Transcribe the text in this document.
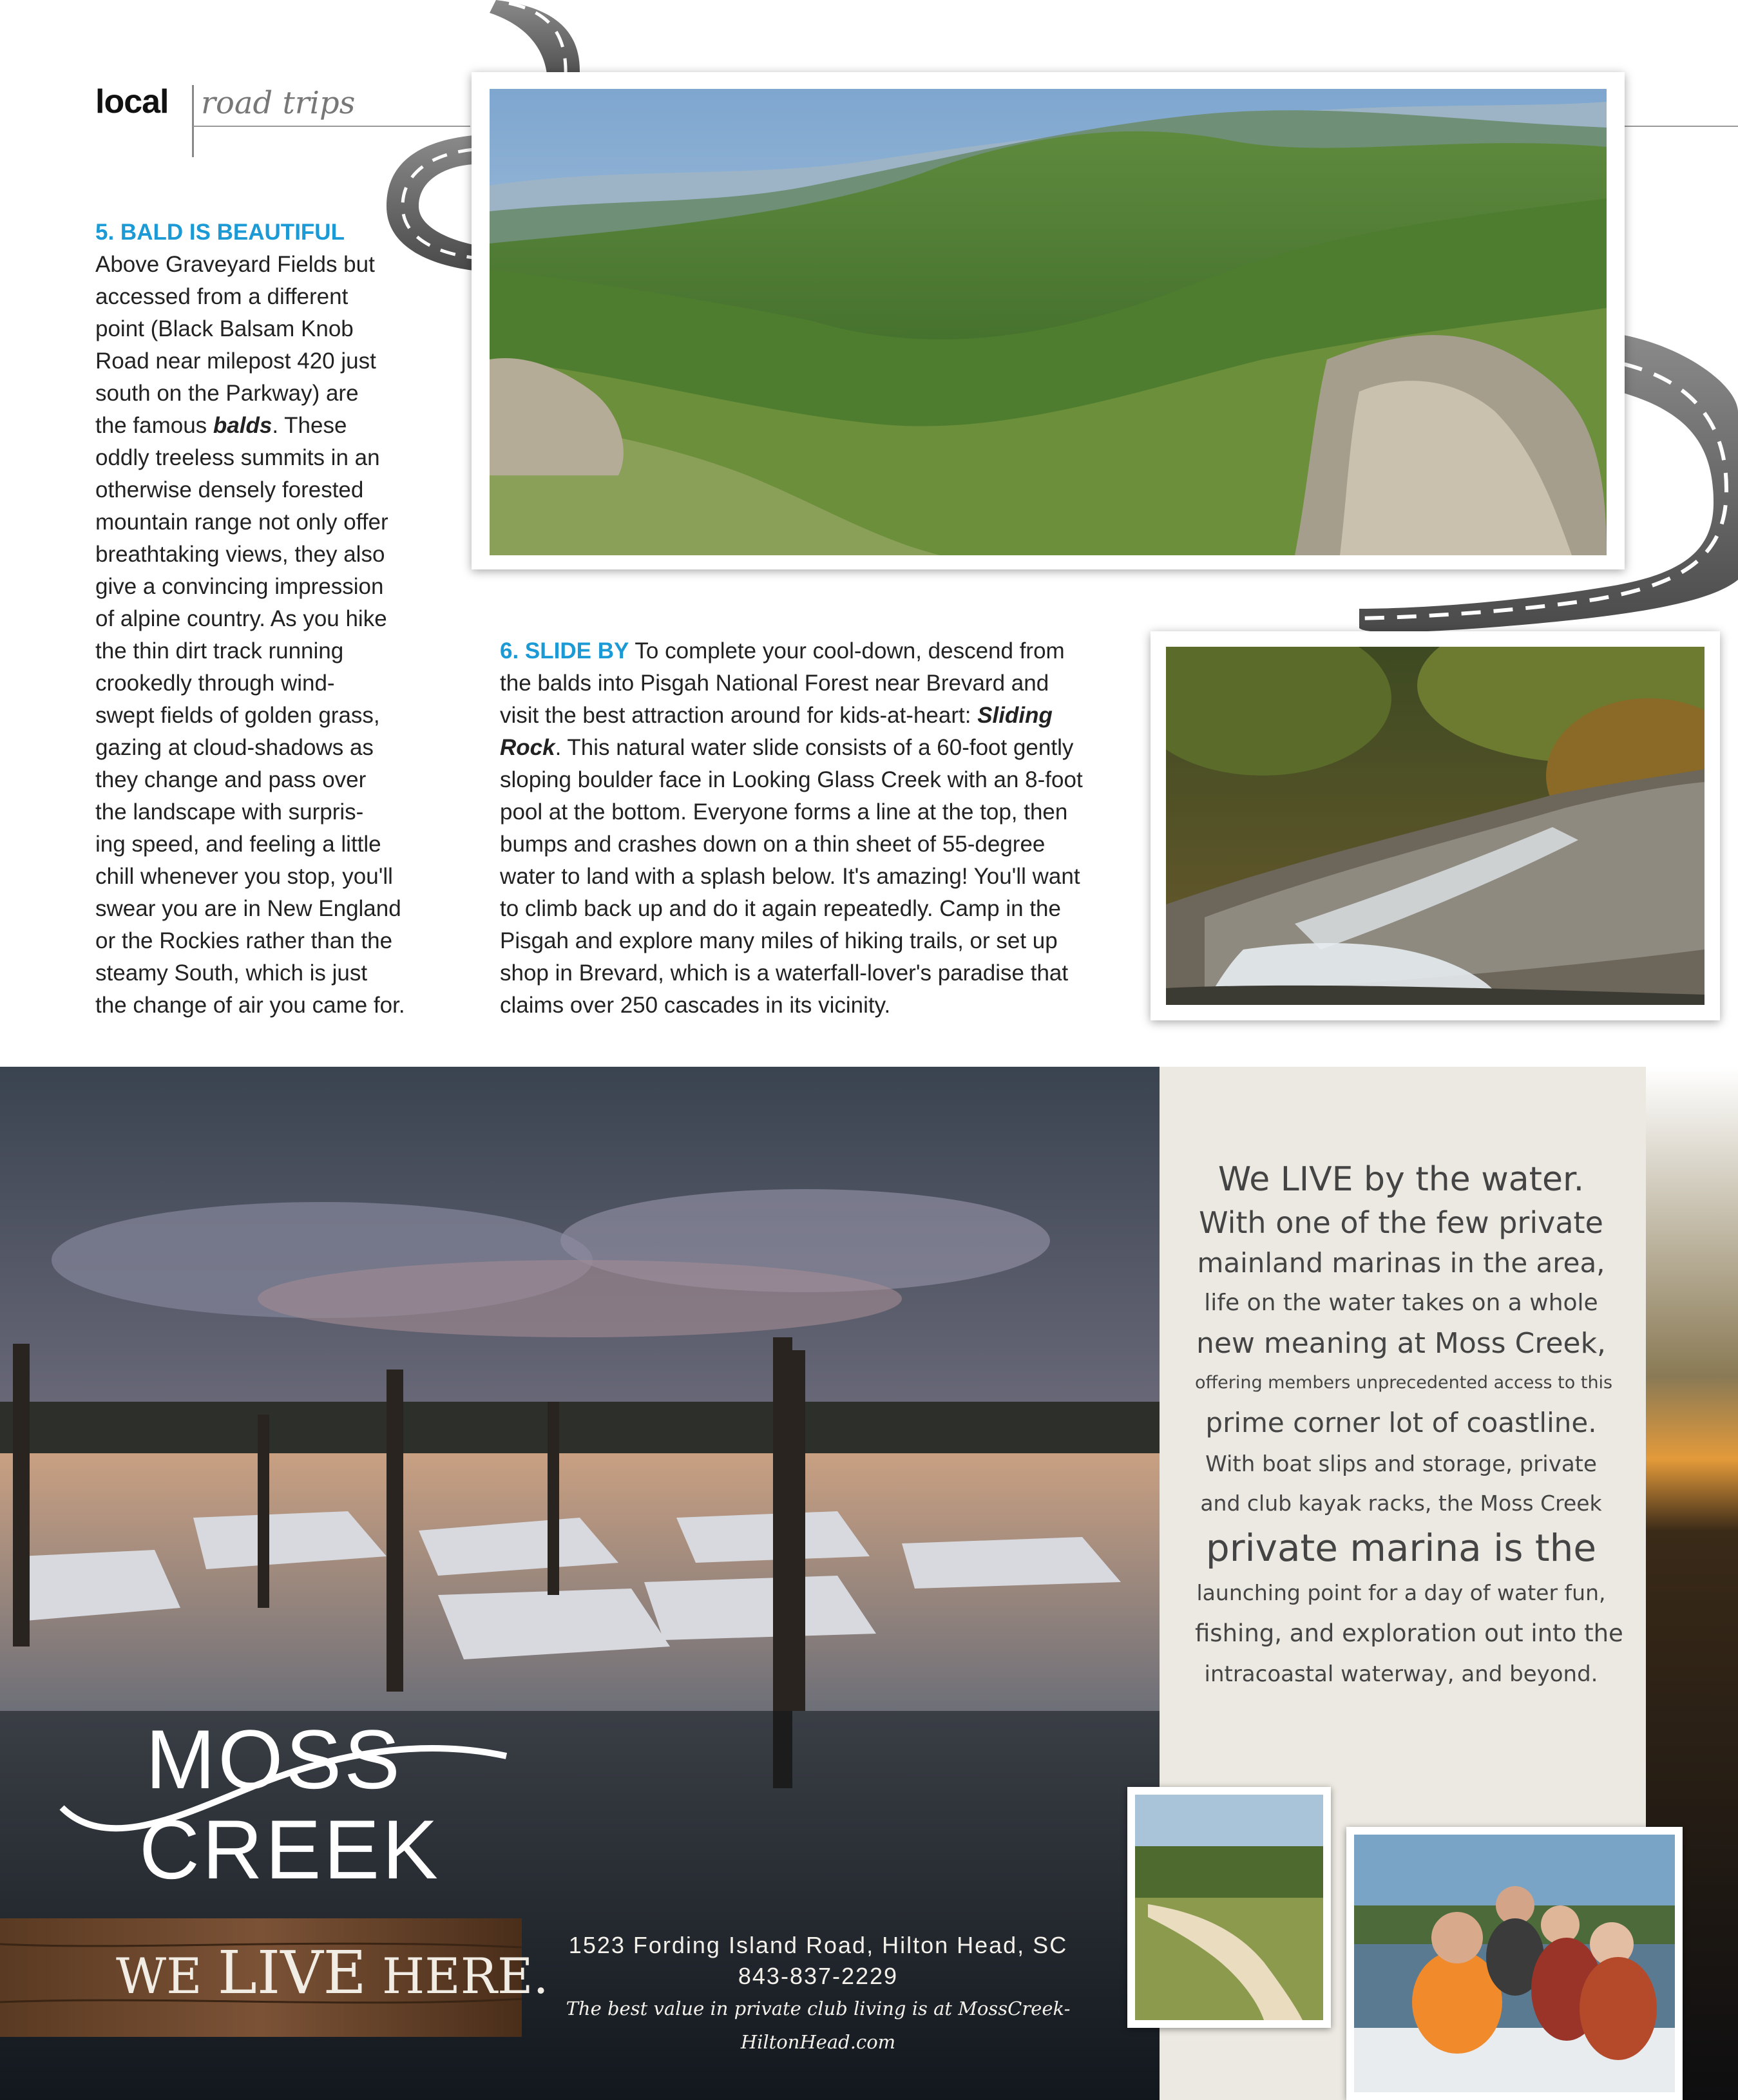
local road trips
5. BALD IS BEAUTIFUL
Above Graveyard Fields but
accessed from a different
point (Black Balsam Knob
Road near milepost 420 just
south on the Parkway) are
the famous balds. These
oddly treeless summits in an
otherwise densely forested
mountain range not only offer
breathtaking views, they also
give a convincing impression
of alpine country. As you hike
the thin dirt track running
crookedly through wind-
swept fields of golden grass,
gazing at cloud-shadows as
they change and pass over
the landscape with surpris-
ing speed, and feeling a little
chill whenever you stop, you'll
swear you are in New England
or the Rockies rather than the
steamy South, which is just
the change of air you came for.
6. SLIDE BY To complete your cool-down, descend from
the balds into Pisgah National Forest near Brevard and
visit the best attraction around for kids-at-heart: Sliding
Rock. This natural water slide consists of a 60-foot gently
sloping boulder face in Looking Glass Creek with an 8-foot
pool at the bottom. Everyone forms a line at the top, then
bumps and crashes down on a thin sheet of 55-degree
water to land with a splash below. It's amazing! You'll want
to climb back up and do it again repeatedly. Camp in the
Pisgah and explore many miles of hiking trails, or set up
shop in Brevard, which is a waterfall-lover's paradise that
claims over 250 cascades in its vicinity.
We LIVE by the water.
With one of the few private
mainland marinas in the area,
life on the water takes on a whole
new meaning at Moss Creek,
offering members unprecedented access to this
prime corner lot of coastline.
With boat slips and storage, private
and club kayak racks, the Moss Creek
private marina is the
launching point for a day of water fun,
fishing, and exploration out into the
intracoastal waterway, and beyond.
MOSS
CREEK
WE LIVE HERE.
1523 Fording Island Road, Hilton Head, SC
843-837-2229
The best value in private club living is at MossCreek-HiltonHead.com
